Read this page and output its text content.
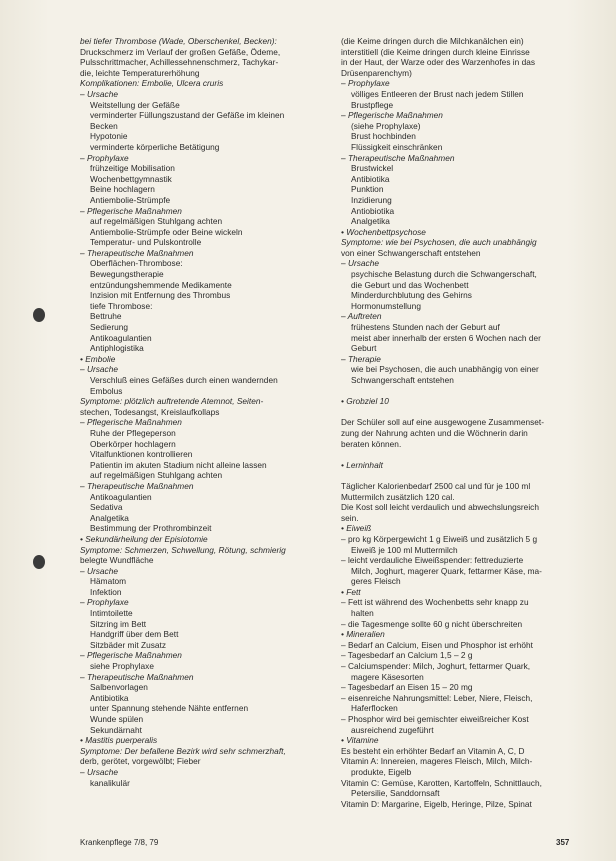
bei tiefer Thrombose (Wade, Oberschenkel, Becken):
Druckschmerz im Verlauf der großen Gefäße, Ödeme,
Pulsschrittmacher, Achillessehnenschmerz, Tachykar-
die, leichte Temperaturerhöhung
Komplikationen: Embolie, Ulcera cruris
– Ursache
Weitstellung der Gefäße
verminderter Füllungszustand der Gefäße im kleinen
Becken
Hypotonie
verminderte körperliche Betätigung
– Prophylaxe
frühzeitige Mobilisation
Wochenbettgymnastik
Beine hochlagern
Antiembolie-Strümpfe
– Pflegerische Maßnahmen
auf regelmäßigen Stuhlgang achten
Antiembolie-Strümpfe oder Beine wickeln
Temperatur- und Pulskontrolle
– Therapeutische Maßnahmen
Oberflächen-Thrombose:
Bewegungstherapie
entzündungshemmende Medikamente
Inzision mit Entfernung des Thrombus
tiefe Thrombose:
Bettruhe
Sedierung
Antikoagulantien
Antiphlogistika
• Embolie
– Ursache
Verschluß eines Gefäßes durch einen wandernden
Embolus
Symptome: plötzlich auftretende Atemnot, Seiten-
stechen, Todesangst, Kreislaufkollaps
– Pflegerische Maßnahmen
Ruhe der Pflegeperson
Oberkörper hochlagern
Vitalfunktionen kontrollieren
Patientin im akuten Stadium nicht alleine lassen
auf regelmäßigen Stuhlgang achten
– Therapeutische Maßnahmen
Antikoagulantien
Sedativa
Analgetika
Bestimmung der Prothrombinzeit
• Sekundärheilung der Episiotomie
Symptome: Schmerzen, Schwellung, Rötung, schmierig
belegte Wundfläche
– Ursache
Hämatom
Infektion
– Prophylaxe
Intimtoilette
Sitzring im Bett
Handgriff über dem Bett
Sitzbäder mit Zusatz
– Pflegerische Maßnahmen
siehe Prophylaxe
– Therapeutische Maßnahmen
Salbenvorlagen
Antibiotika
unter Spannung stehende Nähte entfernen
Wunde spülen
Sekundärnaht
• Mastitis puerperalis
Symptome: Der befallene Bezirk wird sehr schmerzhaft,
derb, gerötet, vorgewölbt; Fieber
– Ursache
kanalikulär
(die Keime dringen durch die Milchkanälchen ein)
interstitiell (die Keime dringen durch kleine Einrisse
in der Haut, der Warze oder des Warzenhofes in das
Drüsenparenchym)
– Prophylaxe
völliges Entleeren der Brust nach jedem Stillen
Brustpflege
– Pflegerische Maßnahmen
(siehe Prophylaxe)
Brust hochbinden
Flüssigkeit einschränken
– Therapeutische Maßnahmen
Brustwickel
Antibiotika
Punktion
Inzidierung
Antiobiotika
Analgetika
• Wochenbettpsychose
Symptome: wie bei Psychosen, die auch unabhängig
von einer Schwangerschaft entstehen
– Ursache
psychische Belastung durch die Schwangerschaft,
die Geburt und das Wochenbett
Minderdurchblutung des Gehirns
Hormonumstellung
– Auftreten
frühestens Stunden nach der Geburt auf
meist aber innerhalb der ersten 6 Wochen nach der
Geburt
– Therapie
wie bei Psychosen, die auch unabhängig von einer
Schwangerschaft entstehen
• Grobziel 10
Der Schüler soll auf eine ausgewogene Zusammenset-
zung der Nahrung achten und die Wöchnerin darin
beraten können.
• Lerninhalt
Täglicher Kalorienbedarf 2500 cal und für je 100 ml
Muttermilch zusätzlich 120 cal.
Die Kost soll leicht verdaulich und abwechslungsreich
sein.
• Eiweiß
– pro kg Körpergewicht 1 g Eiweiß und zusätzlich 5 g
Eiweiß je 100 ml Muttermilch
– leicht verdauliche Eiweißspender: fettreduzierte
Milch, Joghurt, magerer Quark, fettarmer Käse, ma-
geres Fleisch
• Fett
– Fett ist während des Wochenbetts sehr knapp zu
halten
– die Tagesmenge sollte 60 g nicht überschreiten
• Mineralien
– Bedarf an Calcium, Eisen und Phosphor ist erhöht
– Tagesbedarf an Calcium 1,5 – 2 g
– Calciumspender: Milch, Joghurt, fettarmer Quark,
magere Käsesorten
– Tagesbedarf an Eisen 15 – 20 mg
– eisenreiche Nahrungsmittel: Leber, Niere, Fleisch,
Haferflocken
– Phosphor wird bei gemischter eiweißreicher Kost
ausreichend zugeführt
• Vitamine
Es besteht ein erhöhter Bedarf an Vitamin A, C, D
Vitamin A: Innereien, mageres Fleisch, Milch, Milch-
produkte, Eigelb
Vitamin C: Gemüse, Karotten, Kartoffeln, Schnittlauch,
Petersilie, Sanddornsaft
Vitamin D: Margarine, Eigelb, Heringe, Pilze, Spinat
Krankenpflege 7/8, 79	357
